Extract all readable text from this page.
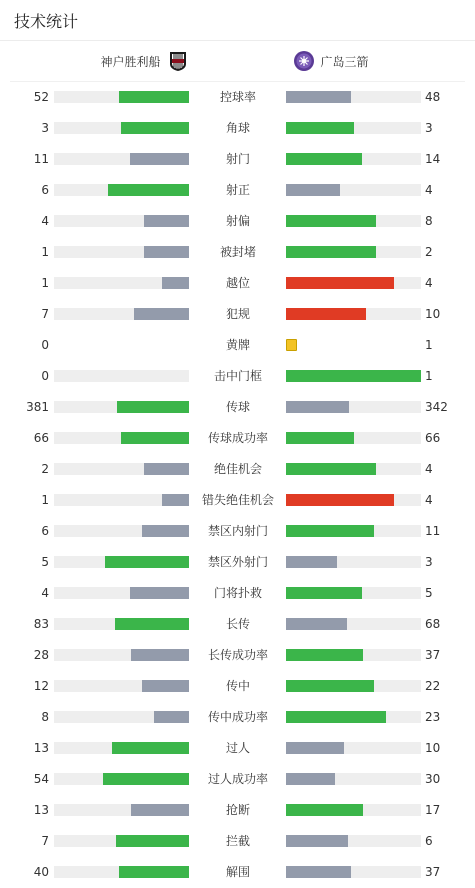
技术统计
神户胜利船	广岛三箭
52	控球率	48
3	角球	3
11	射门	14
6	射正	4
4	射偏	8
1	被封堵	2
1	越位	4
7	犯规	10
0	黄牌	1
0	击中门框	1
381	传球	342
66	传球成功率	66
2	绝佳机会	4
1	错失绝佳机会	4
6	禁区内射门	11
5	禁区外射门	3
4	门将扑救	5
83	长传	68
28	长传成功率	37
12	传中	22
8	传中成功率	23
13	过人	10
54	过人成功率	30
13	抢断	17
7	拦截	6
40	解围	37
